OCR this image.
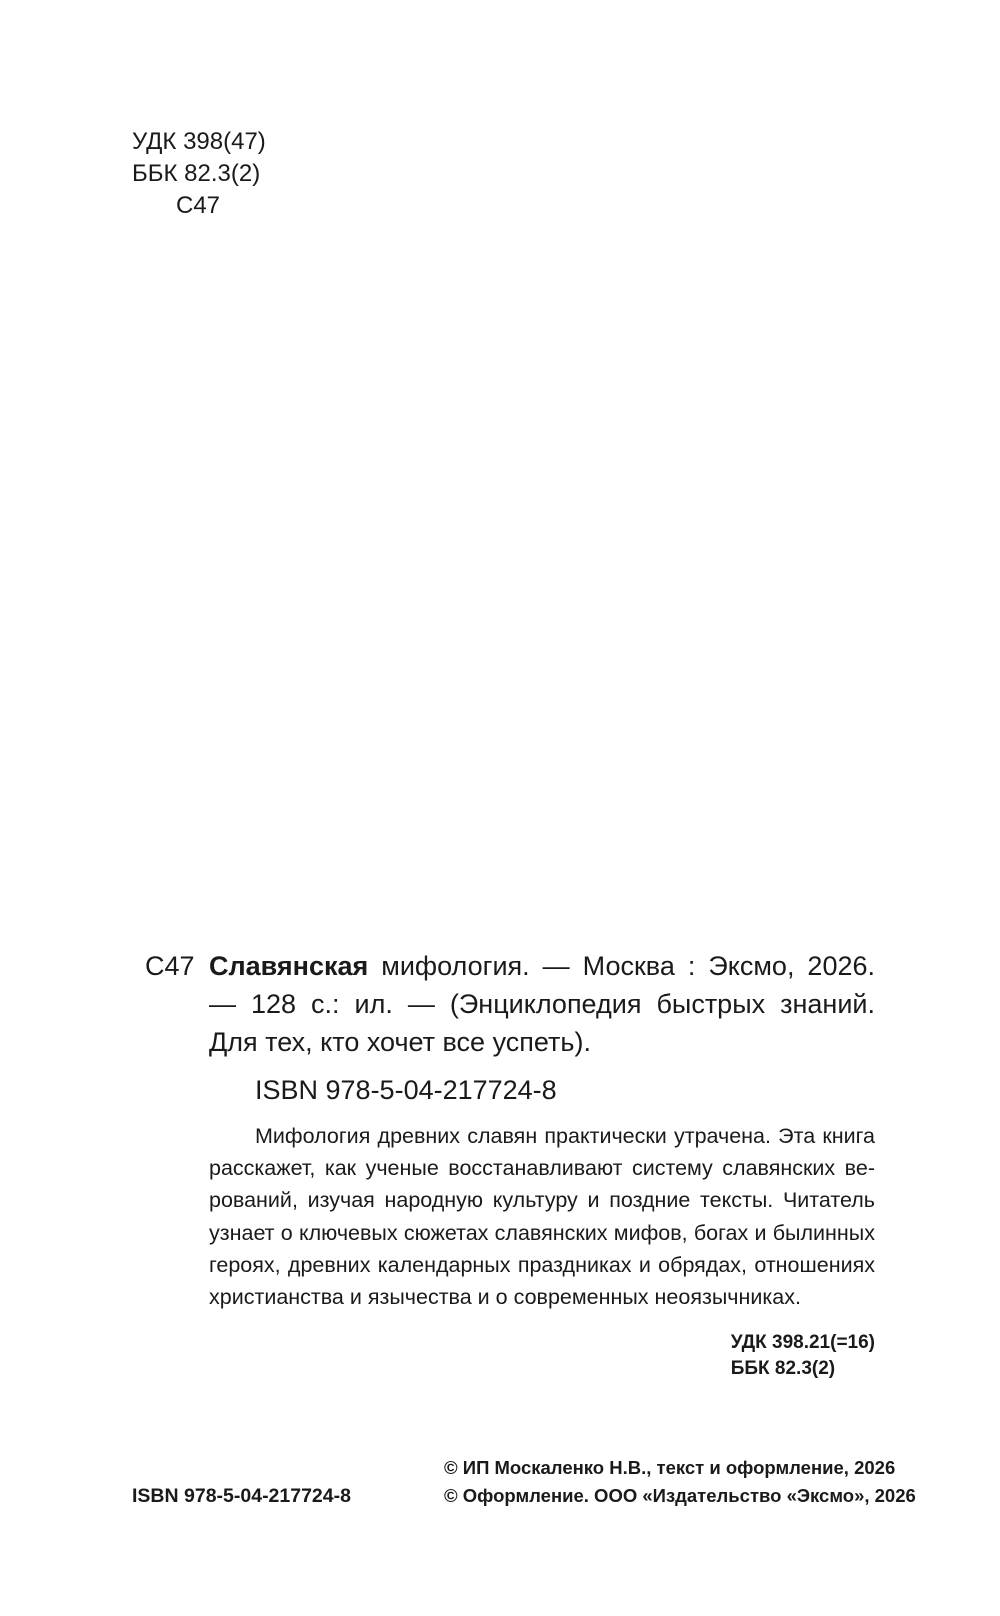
УДК 398(47)
ББК 82.3(2)
С47
С47 Славянская мифология. — Москва : Эксмо, 2026. — 128 с.: ил. — (Энциклопедия быстрых знаний. Для тех, кто хочет все успеть).
ISBN 978-5-04-217724-8

Мифология древних славян практически утрачена. Эта книга расскажет, как ученые восстанавливают систему славянских верований, изучая народную культуру и поздние тексты. Читатель узнает о ключевых сюжетах славянских мифов, богах и былинных героях, древних календарных праздниках и обрядах, отношениях христианства и язычества и о современных неоязычниках.

УДК 398.21(=16)
ББК 82.3(2)
ISBN 978-5-04-217724-8
© ИП Москаленко Н.В., текст и оформление, 2026
© Оформление. ООО «Издательство «Эксмо», 2026
